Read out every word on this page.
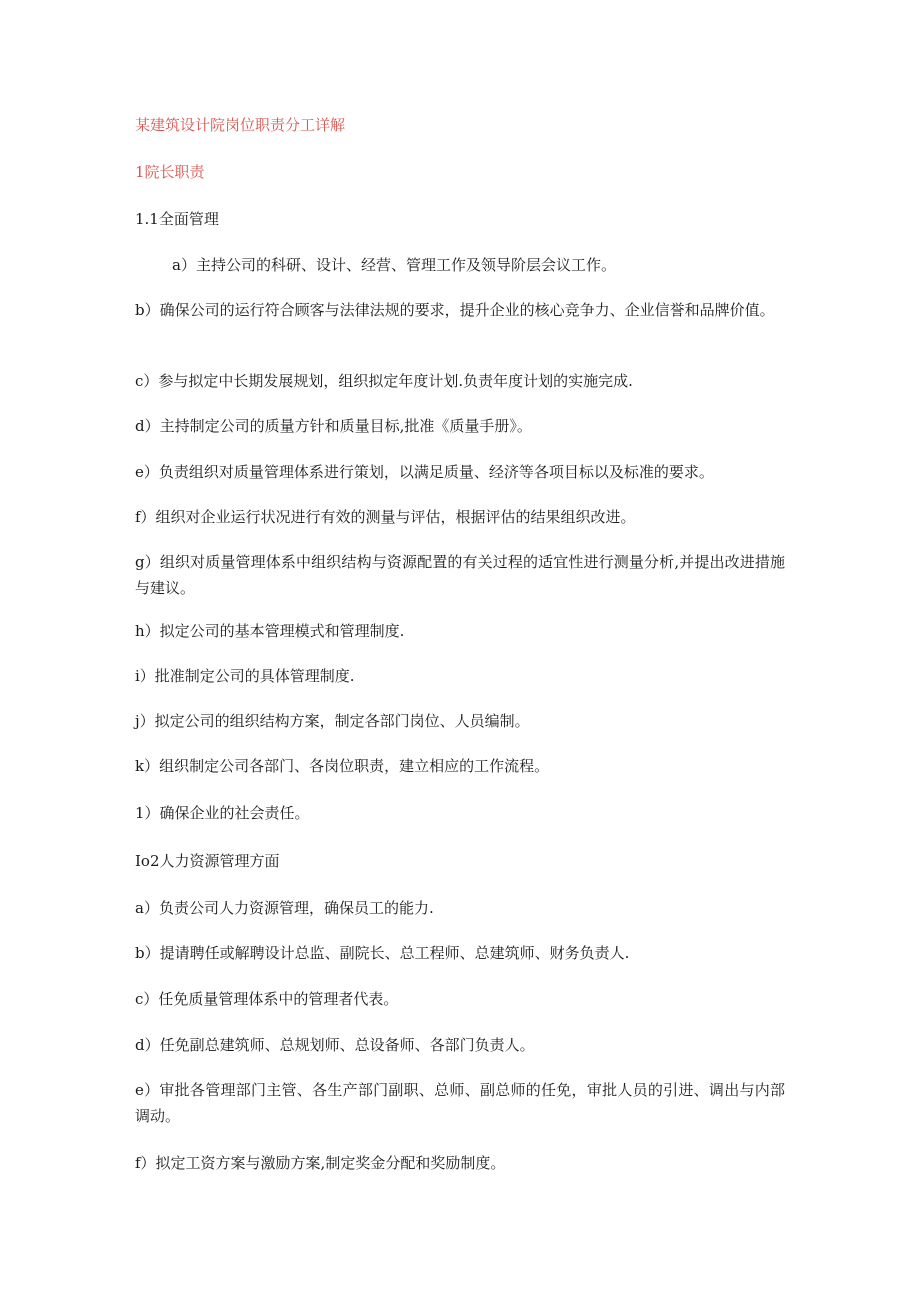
某建筑设计院岗位职责分工详解
1院长职责
1.1全面管理
a）主持公司的科研、设计、经营、管理工作及领导阶层会议工作。
b）确保公司的运行符合顾客与法律法规的要求，提升企业的核心竞争力、企业信誉和品牌价值。
c）参与拟定中长期发展规划，组织拟定年度计划.负责年度计划的实施完成.
d）主持制定公司的质量方针和质量目标,批准《质量手册》。
e）负责组织对质量管理体系进行策划，以满足质量、经济等各项目标以及标准的要求。
f）组织对企业运行状况进行有效的测量与评估，根据评估的结果组织改进。
g）组织对质量管理体系中组织结构与资源配置的有关过程的适宜性进行测量分析,并提出改进措施与建议。
h）拟定公司的基本管理模式和管理制度.
i）批准制定公司的具体管理制度.
j）拟定公司的组织结构方案，制定各部门岗位、人员编制。
k）组织制定公司各部门、各岗位职责，建立相应的工作流程。
1）确保企业的社会责任。
Io2人力资源管理方面
a）负责公司人力资源管理，确保员工的能力.
b）提请聘任或解聘设计总监、副院长、总工程师、总建筑师、财务负责人.
c）任免质量管理体系中的管理者代表。
d）任免副总建筑师、总规划师、总设备师、各部门负责人。
e）审批各管理部门主管、各生产部门副职、总师、副总师的任免，审批人员的引进、调出与内部调动。
f）拟定工资方案与激励方案,制定奖金分配和奖励制度。
